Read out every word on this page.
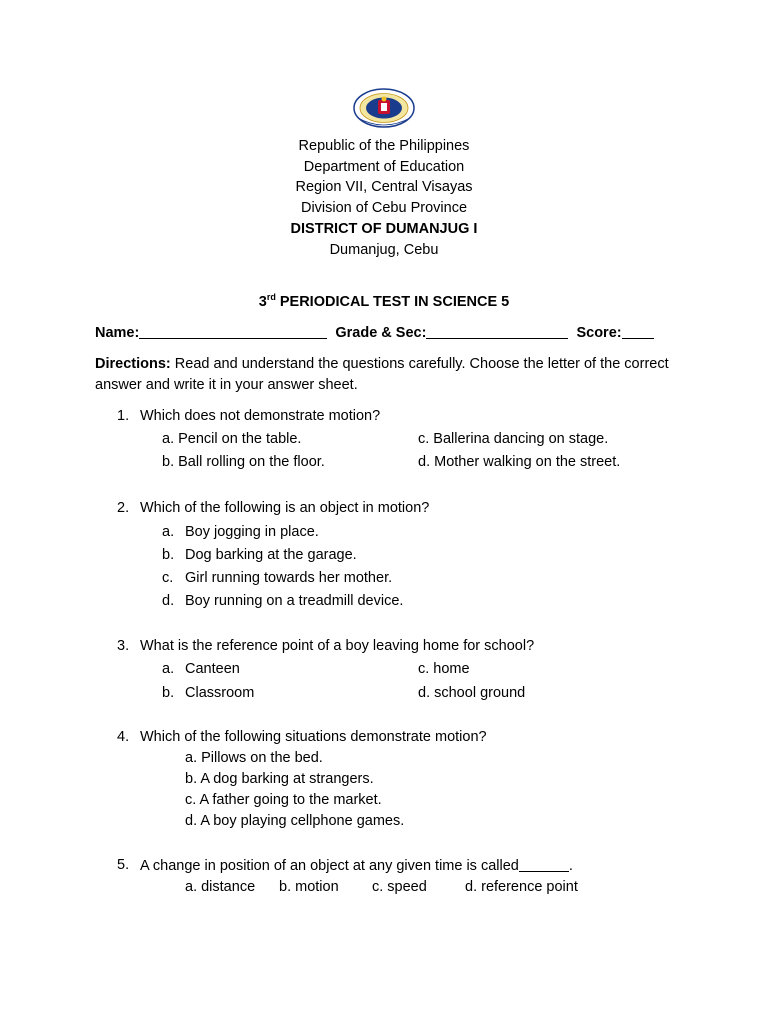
Republic of the Philippines
Department of Education
Region VII, Central Visayas
Division of Cebu Province
DISTRICT OF DUMANJUG I
Dumanjug, Cebu
3rd PERIODICAL TEST IN SCIENCE 5
Name:	Grade & Sec:	Score:
Directions: Read and understand the questions carefully. Choose the letter of the correct answer and write it in your answer sheet.
1. Which does not demonstrate motion?
a. Pencil on the table.	c. Ballerina dancing on stage.
b. Ball rolling on the floor.	d. Mother walking on the street.
2. Which of the following is an object in motion?
a. Boy jogging in place.
b. Dog barking at the garage.
c. Girl running towards her mother.
d. Boy running on a treadmill device.
3. What is the reference point of a boy leaving home for school?
a. Canteen	c. home
b. Classroom	d. school ground
4. Which of the following situations demonstrate motion?
a. Pillows on the bed.
b. A dog barking at strangers.
c. A father going to the market.
d. A boy playing cellphone games.
5. A change in position of an object at any given time is called	.
a. distance b. motion c. speed	d. reference point
